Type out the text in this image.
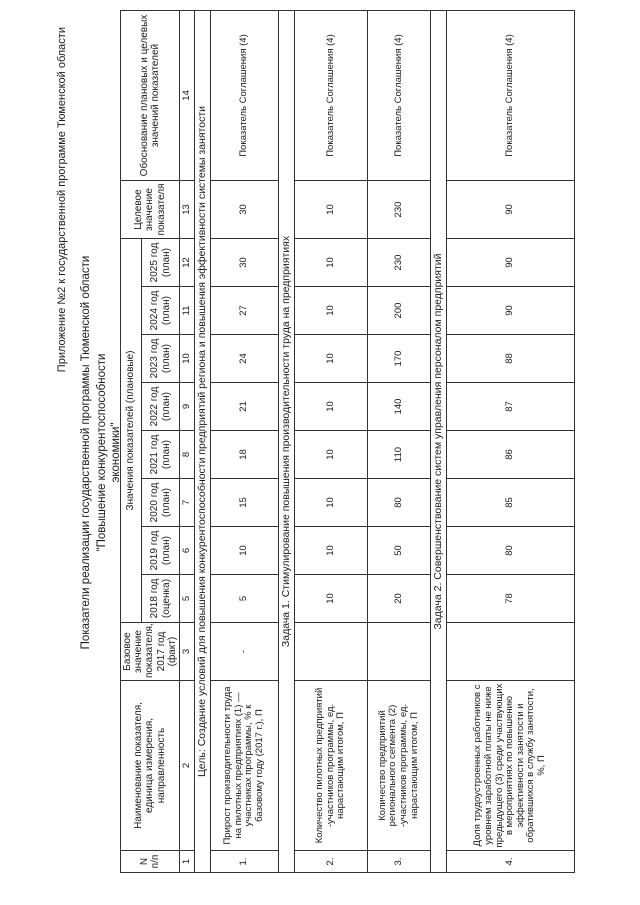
Приложение №2 к государственной программе Тюменской области
Показатели реализации государственной программы Тюменской области "Повышение конкурентоспособности экономики"
N п/п	Наименование показателя, единица измерения, направленность	Базовое значение показателя, 2017 год (факт)	Значения показателей (плановые)								Целевое значение показателя	Обоснование плановых и целевых значений показателей
			2018 год (оценка)	2019 год (план)	2020 год (план)	2021 год (план)	2022 год (план)	2023 год (план)	2024 год (план)	2025 год (план)		
1	2	3	5	6	7	8	9	10	11	12	13	14
Цель: Создание условий для повышения конкурентоспособности предприятий региона и повышения эффективности системы занятости												
1.	Прирост производительности труда на пилотных предприятиях (1) — участниках программы, % к базовому году (2017 г.), П	-	5	10	15	18	21	24	27	30	30	Показатель Соглашения (4)
Задача 1. Стимулирование повышения производительности труда на предприятиях												
2.	Количество пилотных предприятий -участников программы, ед. нарастающим итогом, П		10	10	10	10	10	10	10	10	10	Показатель Соглашения (4)
3.	Количество предприятий регионального сегмента (2) -участников программы, ед. нарастающим итогом, П		20	50	80	110	140	170	200	230	230	Показатель Соглашения (4)
Задача 2. Совершенствование систем управления персоналом предприятий												
4.	Доля трудоустроенных работников с уровнем заработной платы не ниже предыдущего (3) среди участвующих в мероприятиях по повышению эффективности занятости и обратившихся в службу занятости, %, П		78	80	85	86	87	88	90	90	90	Показатель Соглашения (4)
